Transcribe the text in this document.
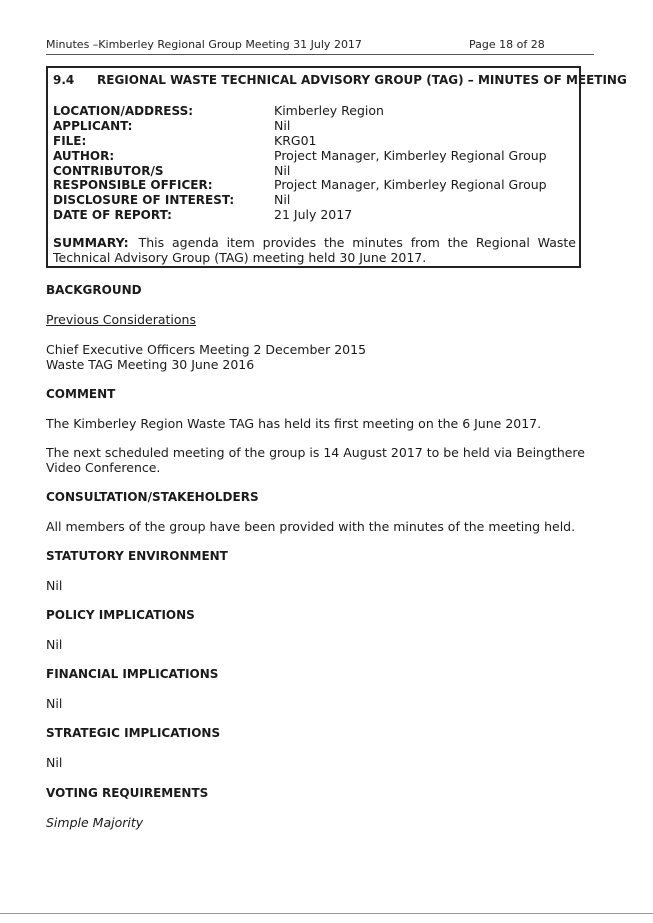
Minutes –Kimberley Regional Group Meeting 31 July 2017	Page 18 of 28
9.4 REGIONAL WASTE TECHNICAL ADVISORY GROUP (TAG) – MINUTES OF MEETING
LOCATION/ADDRESS:	Kimberley Region
APPLICANT:	Nil
FILE:	KRG01
AUTHOR:	Project Manager, Kimberley Regional Group
CONTRIBUTOR/S	Nil
RESPONSIBLE OFFICER:	Project Manager, Kimberley Regional Group
DISCLOSURE OF INTEREST:	Nil
DATE OF REPORT:	21 July 2017
SUMMARY: This agenda item provides the minutes from the Regional Waste Technical Advisory Group (TAG) meeting held 30 June 2017.
BACKGROUND
Previous Considerations
Chief Executive Officers Meeting 2 December 2015
Waste TAG Meeting 30 June 2016
COMMENT
The Kimberley Region Waste TAG has held its first meeting on the 6 June 2017.
The next scheduled meeting of the group is 14 August 2017 to be held via Beingthere Video Conference.
CONSULTATION/STAKEHOLDERS
All members of the group have been provided with the minutes of the meeting held.
STATUTORY ENVIRONMENT
Nil
POLICY IMPLICATIONS
Nil
FINANCIAL IMPLICATIONS
Nil
STRATEGIC IMPLICATIONS
Nil
VOTING REQUIREMENTS
Simple Majority
